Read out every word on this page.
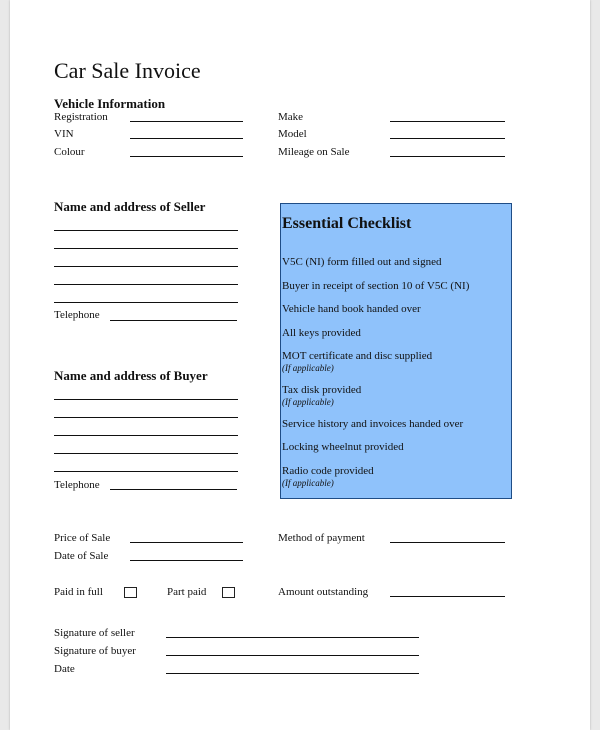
Car Sale Invoice
Vehicle Information
Registration
VIN
Colour
Make
Model
Mileage on Sale
Name and address of Seller
Telephone
Name and address of Buyer
Telephone
Essential Checklist
V5C (NI) form filled out and signed
Buyer in receipt of section 10 of V5C (NI)
Vehicle hand book handed over
All keys provided
MOT certificate and disc supplied
(If applicable)
Tax disk provided
(If applicable)
Service history and invoices handed over
Locking wheelnut provided
Radio code provided
(If applicable)
Price of Sale
Date of Sale
Method of payment
Paid in full	Part paid	Amount outstanding
Signature of seller
Signature of buyer
Date
